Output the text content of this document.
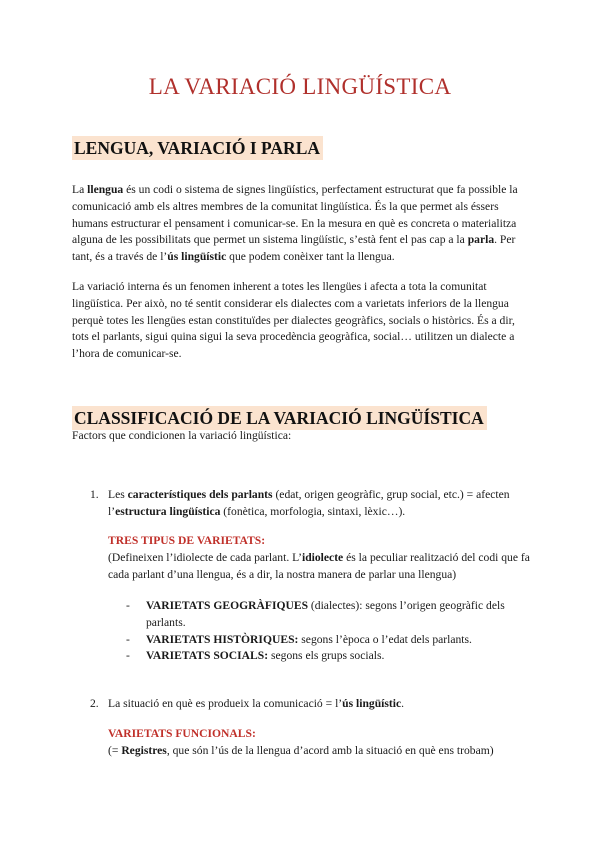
LA VARIACIÓ LINGÜÍSTICA
LENGUA, VARIACIÓ I PARLA

La llengua és un codi o sistema de signes lingüístics, perfectament estructurat que fa possible la comunicació amb els altres membres de la comunitat lingüística. És la que permet als éssers humans estructurar el pensament i comunicar-se. En la mesura en què es concreta o materialitza alguna de les possibilitats que permet un sistema lingüístic, s’està fent el pas cap a la parla. Per tant, és a través de l’ús lingüístic que podem conèixer tant la llengua.

La variació interna és un fenomen inherent a totes les llengües i afecta a tota la comunitat lingüística. Per això, no té sentit considerar els dialectes com a varietats inferiors de la llengua perquè totes les llengües estan constituïdes per dialectes geogràfics, socials o històrics. És a dir, tots el parlants, sigui quina sigui la seva procedència geogràfica, social… utilitzen un dialecte a l’hora de comunicar-se.

CLASSIFICACIÓ DE LA VARIACIÓ LINGÜÍSTICA

Factors que condicionen la variació lingüística:

1. Les característiques dels parlants (edat, origen geogràfic, grup social, etc.) = afecten l’estructura lingüística (fonètica, morfologia, sintaxi, lèxic…).

TRES TIPUS DE VARIETATS:

(Defineixen l’idiolecte de cada parlant. L’idiolecte és la peculiar realització del codi que fa cada parlant d’una llengua, és a dir, la nostra manera de parlar una llengua)

- VARIETATS GEOGRÀFIQUES (dialectes): segons l’origen geogràfic dels parlants.
- VARIETATS HISTÒRIQUES: segons l’època o l’edat dels parlants.
- VARIETATS SOCIALS: segons els grups socials.
2. La situació en què es produeix la comunicació = l’ús lingüístic.

VARIETATS FUNCIONALS:

(= Registres, que són l’ús de la llengua d’acord amb la situació en què ens trobam)
